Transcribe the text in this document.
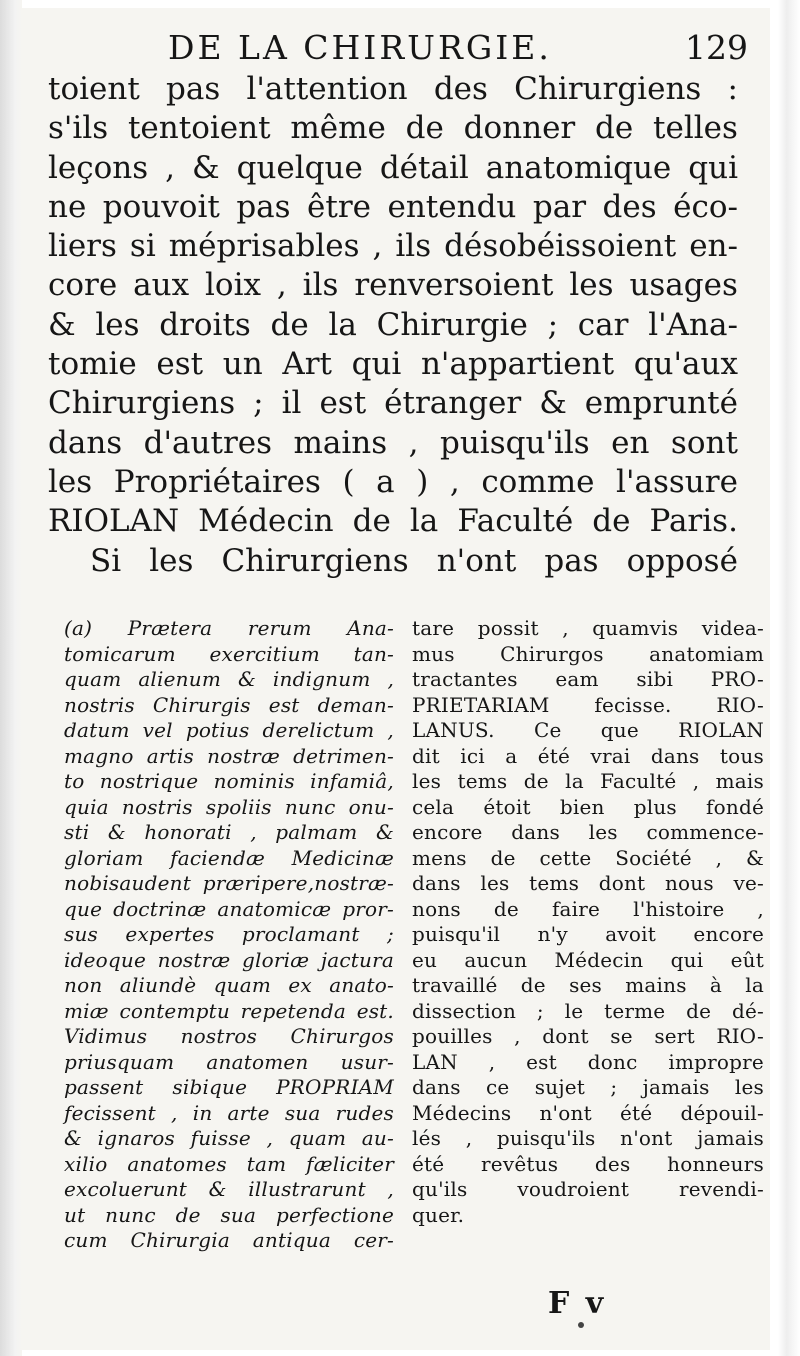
DE LA CHIRURGIE.	129
toient pas l'attention des Chirurgiens :
s'ils tentoient même de donner de telles
leçons , & quelque détail anatomique qui
ne pouvoit pas être entendu par des éco-
liers si méprisables , ils désobéissoient en-
core aux loix , ils renversoient les usages
& les droits de la Chirurgie ; car l'Ana-
tomie est un Art qui n'appartient qu'aux
Chirurgiens ; il est étranger & emprunté
dans d'autres mains , puisqu'ils en sont
les Propriétaires ( a ) , comme l'assure
RIOLAN Médecin de la Faculté de Paris.
Si les Chirurgiens n'ont pas opposé
(a) Prætera rerum Ana-
tomicarum exercitium tan-
quam alienum & indignum ,
nostris Chirurgis est deman-
datum vel potius derelictum ,
magno artis nostræ detrimen-
to nostrique nominis infamiâ,
quia nostris spoliis nunc onu-
sti & honorati , palmam &
gloriam faciendæ Medicinæ
nobisaudent præripere,nostræ-
que doctrinæ anatomicæ pror-
sus expertes proclamant ;
ideoque nostræ gloriæ jactura
non aliundè quam ex anato-
miæ contemptu repetenda est.
Vidimus nostros Chirurgos
priusquam anatomen usur-
passent sibique PROPRIAM
fecissent , in arte sua rudes
& ignaros fuisse , quam au-
xilio anatomes tam fæliciter
excoluerunt & illustrarunt ,
ut nunc de sua perfectione
cum Chirurgia antiqua cer-
tare possit , quamvis videa-
mus Chirurgos anatomiam
tractantes eam sibi PRO-
PRIETARIAM fecisse. RIO-
LANUS. Ce que RIOLAN
dit ici a été vrai dans tous
les tems de la Faculté , mais
cela étoit bien plus fondé
encore dans les commence-
mens de cette Société , &
dans les tems dont nous ve-
nons de faire l'histoire ,
puisqu'il n'y avoit encore
eu aucun Médecin qui eût
travaillé de ses mains à la
dissection ; le terme de dé-
pouilles , dont se sert RIO-
LAN , est donc impropre
dans ce sujet ; jamais les
Médecins n'ont été dépouil-
lés , puisqu'ils n'ont jamais
été revêtus des honneurs
qu'ils voudroient revendi-
quer.
F v
